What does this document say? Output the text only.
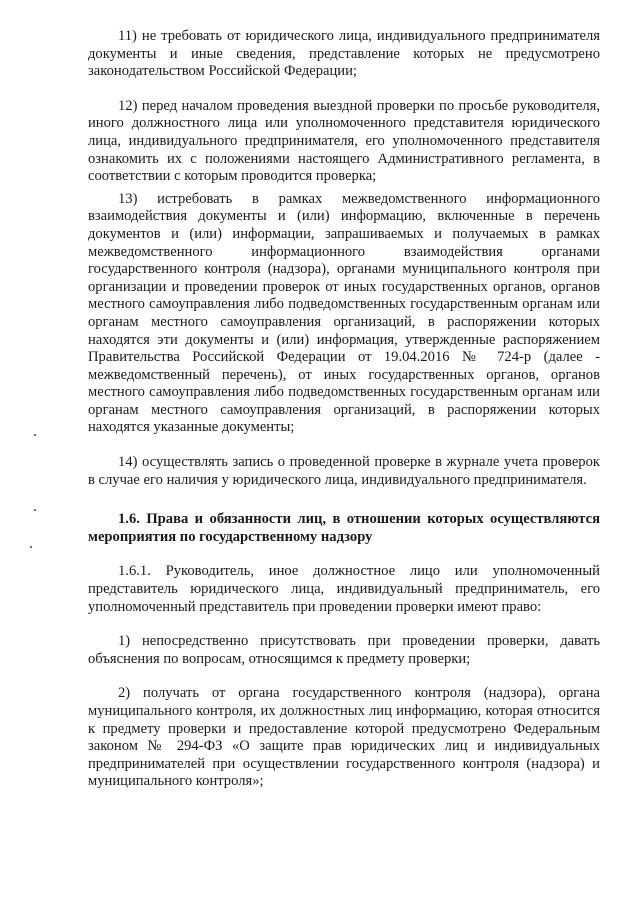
11) не требовать от юридического лица, индивидуального предпринимателя документы и иные сведения, представление которых не предусмотрено законодательством Российской Федерации;

12) перед началом проведения выездной проверки по просьбе руководителя, иного должностного лица или уполномоченного представителя юридического лица, индивидуального предпринимателя, его уполномоченного представителя ознакомить их с положениями настоящего Административного регламента, в соответствии с которым проводится проверка;

13) истребовать в рамках межведомственного информационного взаимодействия документы и (или) информацию, включенные в перечень документов и (или) информации, запрашиваемых и получаемых в рамках межведомственного информационного взаимодействия органами государственного контроля (надзора), органами муниципального контроля при организации и проведении проверок от иных государственных органов, органов местного самоуправления либо подведомственных государственным органам или органам местного самоуправления организаций, в распоряжении которых находятся эти документы и (или) информация, утвержденные распоряжением Правительства Российской Федерации от 19.04.2016 № 724-р (далее - межведомственный перечень), от иных государственных органов, органов местного самоуправления либо подведомственных государственным органам или органам местного самоуправления организаций, в распоряжении которых находятся указанные документы;

14) осуществлять запись о проведенной проверке в журнале учета проверок в случае его наличия у юридического лица, индивидуального предпринимателя.

1.6. Права и обязанности лиц, в отношении которых осуществляются мероприятия по государственному надзору

1.6.1. Руководитель, иное должностное лицо или уполномоченный представитель юридического лица, индивидуальный предприниматель, его уполномоченный представитель при проведении проверки имеют право:

1) непосредственно присутствовать при проведении проверки, давать объяснения по вопросам, относящимся к предмету проверки;

2) получать от органа государственного контроля (надзора), органа муниципального контроля, их должностных лиц информацию, которая относится к предмету проверки и предоставление которой предусмотрено Федеральным законом № 294-ФЗ «О защите прав юридических лиц и индивидуальных предпринимателей при осуществлении государственного контроля (надзора) и муниципального контроля»;
